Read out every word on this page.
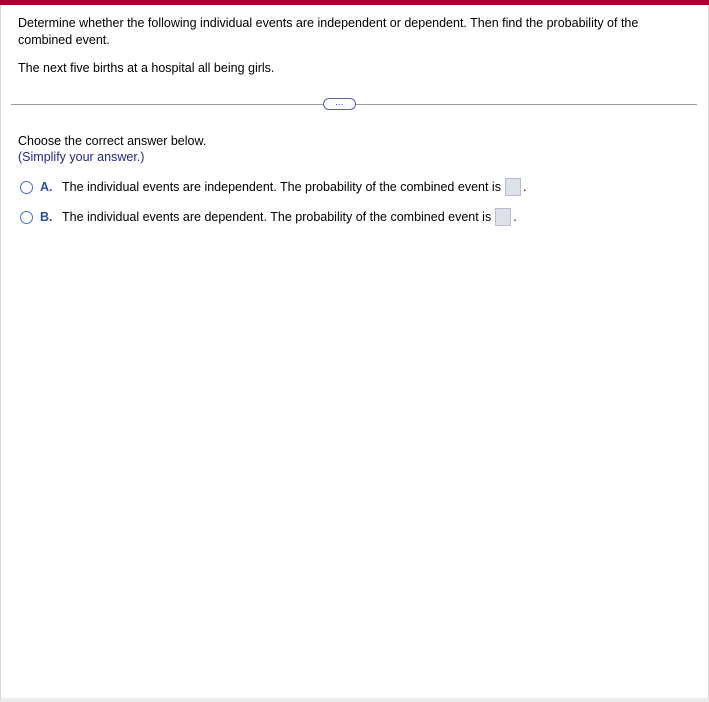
Determine whether the following individual events are independent or dependent. Then find the probability of the combined event.
The next five births at a hospital all being girls.
…
Choose the correct answer below.
(Simplify your answer.)
A. The individual events are independent. The probability of the combined event is .
B. The individual events are dependent. The probability of the combined event is .
